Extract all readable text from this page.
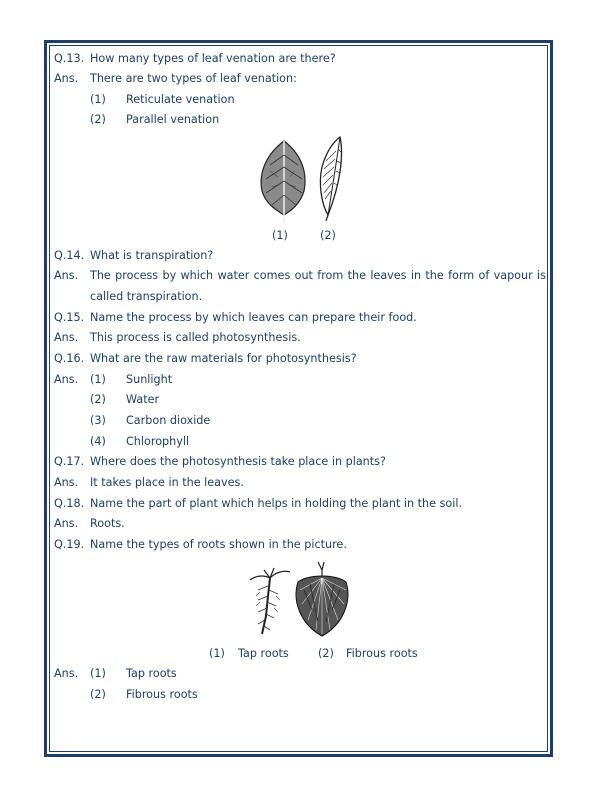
Q.13. How many types of leaf venation are there?
Ans. There are two types of leaf venation:
(1) Reticulate venation
(2) Parallel venation
(1)	(2)
Q.14. What is transpiration?
Ans. The process by which water comes out from the leaves in the form of vapour is
called transpiration.
Q.15. Name the process by which leaves can prepare their food.
Ans. This process is called photosynthesis.
Q.16. What are the raw materials for photosynthesis?
Ans. (1) Sunlight
(2) Water
(3) Carbon dioxide
(4) Chlorophyll
Q.17. Where does the photosynthesis take place in plants?
Ans. It takes place in the leaves.
Q.18. Name the part of plant which helps in holding the plant in the soil.
Ans. Roots.
Q.19. Name the types of roots shown in the picture.
(1) Tap roots	(2) Fibrous roots
Ans. (1) Tap roots
(2) Fibrous roots
